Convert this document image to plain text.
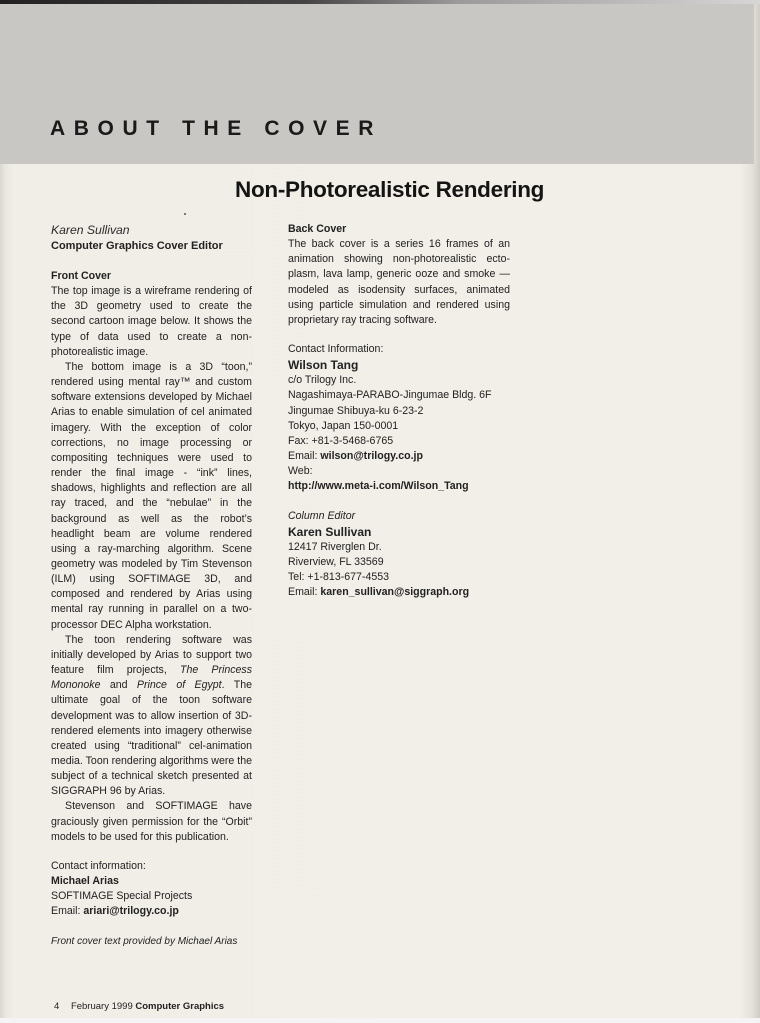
ABOUT THE COVER
Non-Photorealistic Rendering
Karen Sullivan
Computer Graphics Cover Editor
Front Cover

The top image is a wireframe rendering of the 3D geometry used to create the second cartoon image below. It shows the type of data used to create a non-photorealistic image.

The bottom image is a 3D “toon,” rendered using mental ray™ and custom software extensions developed by Michael Arias to enable simulation of cel animated imagery. With the exception of color corrections, no image processing or compositing techniques were used to render the final image - “ink” lines, shadows, highlights and reflection are all ray traced, and the “nebulae” in the background as well as the robot’s headlight beam are volume rendered using a ray-marching algorithm. Scene geometry was modeled by Tim Stevenson (ILM) using SOFTIMAGE 3D, and composed and rendered by Arias using mental ray running in parallel on a two-processor DEC Alpha workstation.

The toon rendering software was initially developed by Arias to support two feature film projects, The Princess Mononoke and Prince of Egypt. The ultimate goal of the toon software development was to allow insertion of 3D-rendered elements into imagery otherwise created using “traditional” cel-animation media. Toon rendering algorithms were the subject of a technical sketch presented at SIGGRAPH 96 by Arias.

Stevenson and SOFTIMAGE have graciously given permission for the “Orbit” models to be used for this publication.

Contact information:
Michael Arias
SOFTIMAGE Special Projects
Email: ariari@trilogy.co.jp
Front cover text provided by Michael Arias
Back Cover

The back cover is a series 16 frames of an animation showing non-photorealistic ecto-plasm, lava lamp, generic ooze and smoke — modeled as isodensity surfaces, animated using particle simulation and rendered using proprietary ray tracing software.

Contact Information:
Wilson Tang
c/o Trilogy Inc.
Nagashimaya-PARABO-Jingumae Bldg. 6F
Jingumae Shibuya-ku 6-23-2
Tokyo, Japan 150-0001
Fax: +81-3-5468-6765
Email: wilson@trilogy.co.jp
Web:
http://www.meta-i.com/Wilson_Tang
Column Editor
Karen Sullivan
12417 Riverglen Dr.
Riverview, FL 33569
Tel: +1-813-677-4553
Email: karen_sullivan@siggraph.org
4 February 1999 Computer Graphics
